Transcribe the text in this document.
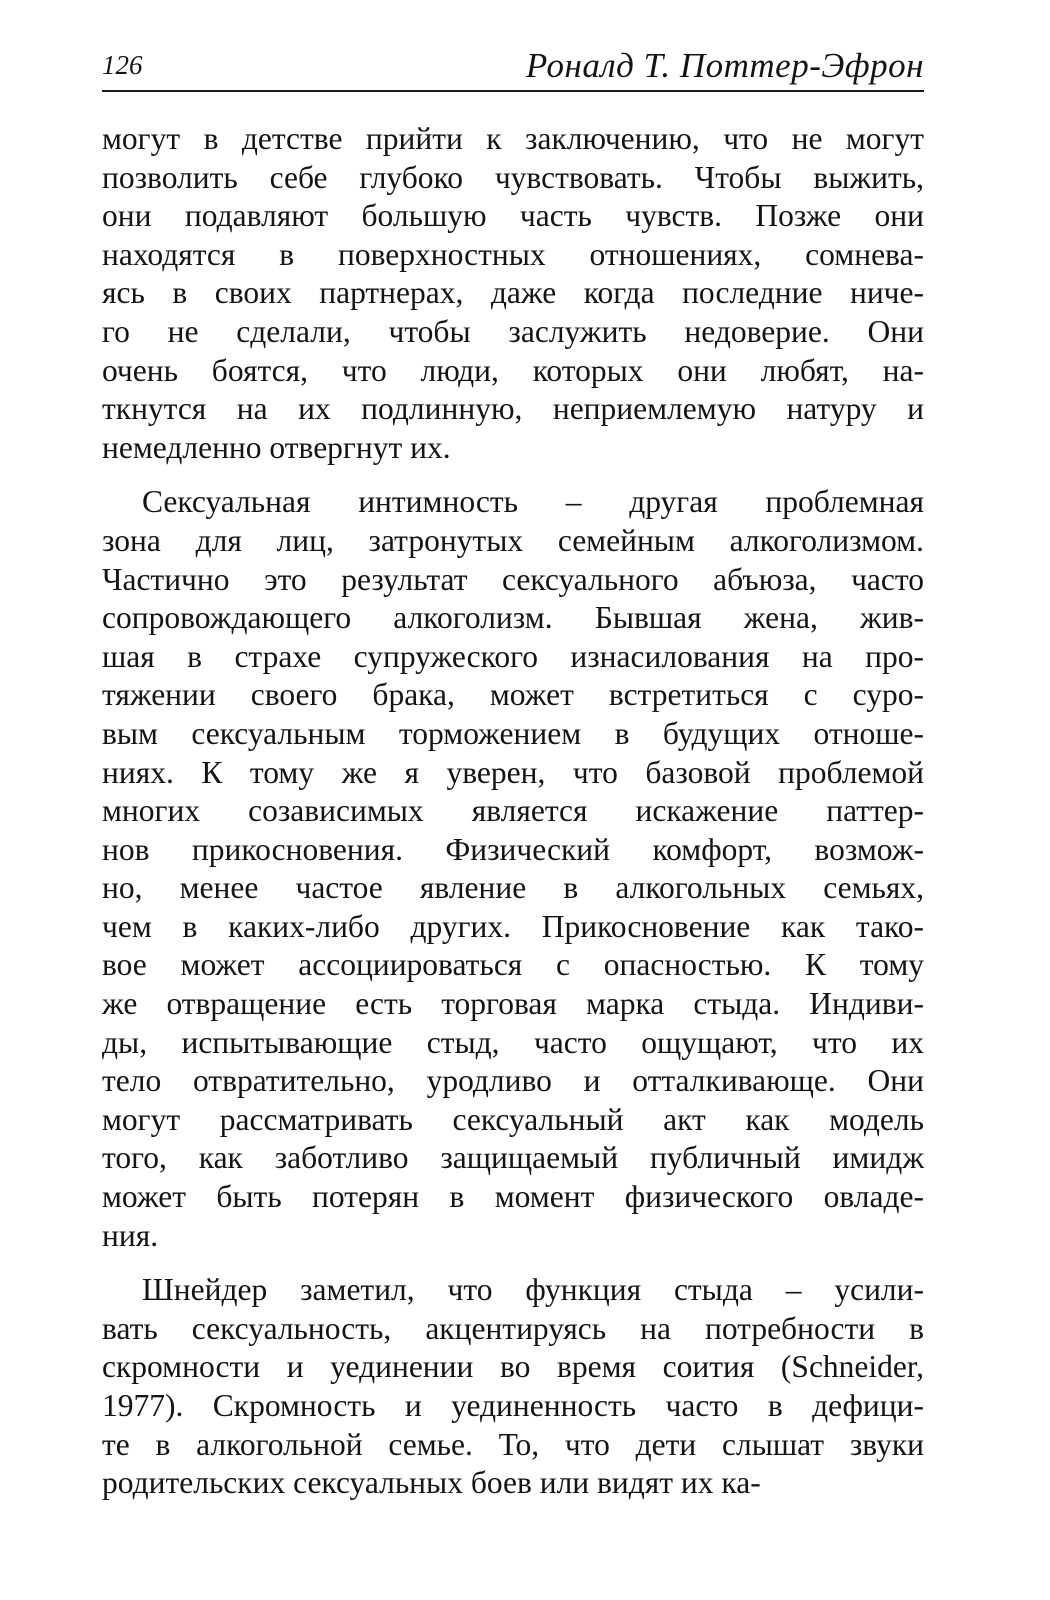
126	Роналд Т. Поттер-Эфрон

могут в детстве прийти к заключению, что не могут
позволить себе глубоко чувствовать. Чтобы выжить,
они подавляют большую часть чувств. Позже они
находятся в поверхностных отношениях, сомнева-
ясь в своих партнерах, даже когда последние ниче-
го не сделали, чтобы заслужить недоверие. Они
очень боятся, что люди, которых они любят, на-
ткнутся на их подлинную, неприемлемую натуру и
немедленно отвергнут их.

Сексуальная интимность – другая проблемная
зона для лиц, затронутых семейным алкоголизмом.
Частично это результат сексуального абъюза, часто
сопровождающего алкоголизм. Бывшая жена, жив-
шая в страхе супружеского изнасилования на про-
тяжении своего брака, может встретиться с суро-
вым сексуальным торможением в будущих отноше-
ниях. К тому же я уверен, что базовой проблемой
многих созависимых является искажение паттер-
нов прикосновения. Физический комфорт, возмож-
но, менее частое явление в алкогольных семьях,
чем в каких-либо других. Прикосновение как тако-
вое может ассоциироваться с опасностью. К тому
же отвращение есть торговая марка стыда. Индиви-
ды, испытывающие стыд, часто ощущают, что их
тело отвратительно, уродливо и отталкивающе. Они
могут рассматривать сексуальный акт как модель
того, как заботливо защищаемый публичный имидж
может быть потерян в момент физического овладе-
ния.

Шнейдер заметил, что функция стыда – усили-
вать сексуальность, акцентируясь на потребности в
скромности и уединении во время соития (Schneider,
1977). Скромность и уединенность часто в дефици-
те в алкогольной семье. То, что дети слышат звуки
родительских сексуальных боев или видят их ка-
